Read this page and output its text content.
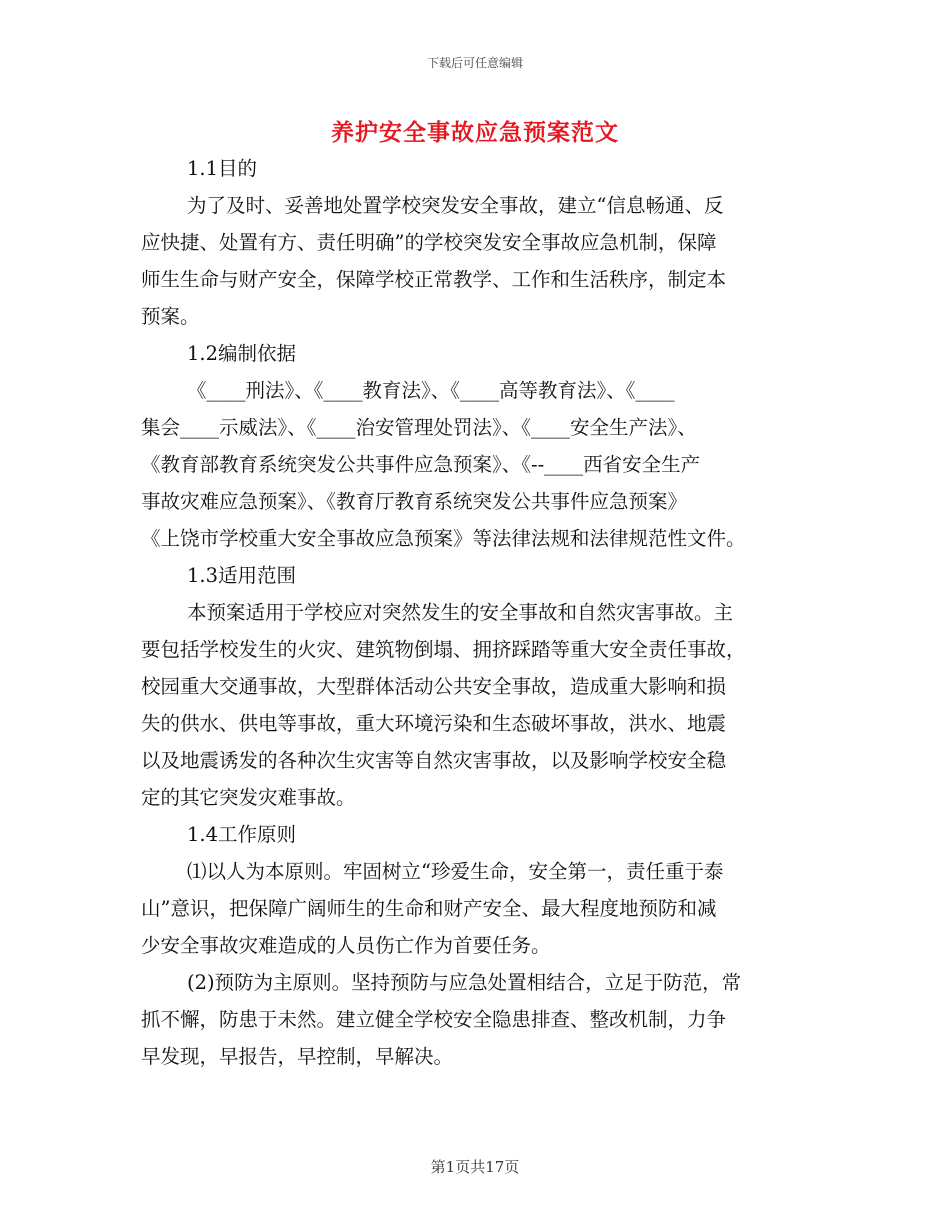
下载后可任意编辑
养护安全事故应急预案范文
1.1目的
为了及时、妥善地处置学校突发安全事故，建立“信息畅通、反
应快捷、处置有方、责任明确”的学校突发安全事故应急机制，保障
师生生命与财产安全，保障学校正常教学、工作和生活秩序，制定本
预案。
1.2编制依据
《____刑法》、《____教育法》、《____高等教育法》、《____
集会____示威法》、《____治安管理处罚法》、《____安全生产法》、
《教育部教育系统突发公共事件应急预案》、《--____西省安全生产
事故灾难应急预案》、《教育厅教育系统突发公共事件应急预案》
《上饶市学校重大安全事故应急预案》等法律法规和法律规范性文件。
1.3适用范围
本预案适用于学校应对突然发生的安全事故和自然灾害事故。主
要包括学校发生的火灾、建筑物倒塌、拥挤踩踏等重大安全责任事故，
校园重大交通事故，大型群体活动公共安全事故，造成重大影响和损
失的供水、供电等事故，重大环境污染和生态破坏事故，洪水、地震
以及地震诱发的各种次生灾害等自然灾害事故，以及影响学校安全稳
定的其它突发灾难事故。
1.4工作原则
⑴以人为本原则。牢固树立“珍爱生命，安全第一，责任重于泰
山”意识，把保障广阔师生的生命和财产安全、最大程度地预防和减
少安全事故灾难造成的人员伤亡作为首要任务。
(2)预防为主原则。坚持预防与应急处置相结合，立足于防范，常
抓不懈，防患于未然。建立健全学校安全隐患排查、整改机制，力争
早发现，早报告，早控制，早解决。
第1页共17页
